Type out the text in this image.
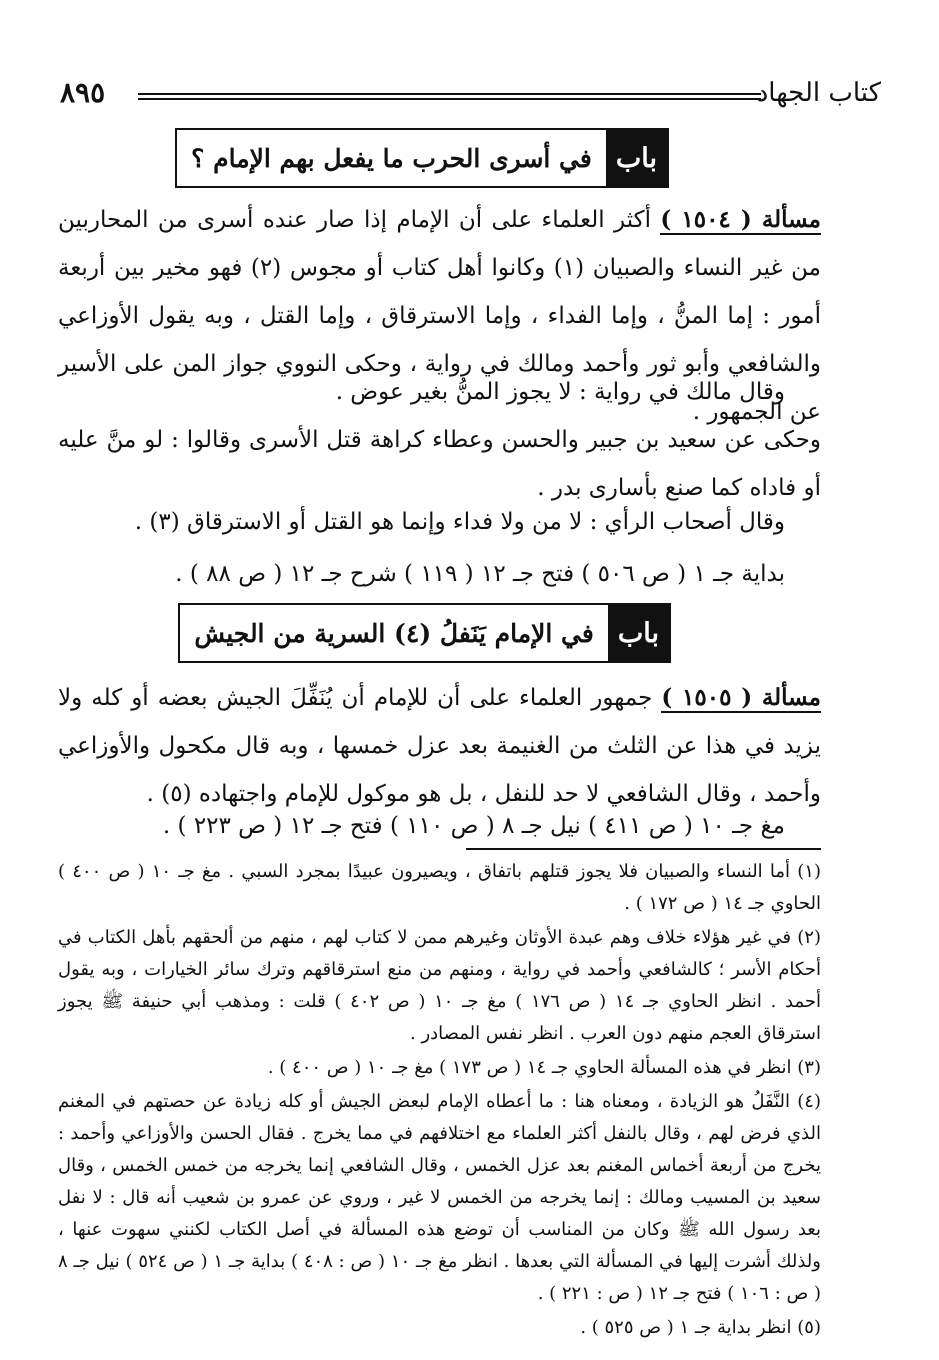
كتاب الجهاد
٨٩٥
باب
في أسرى الحرب ما يفعل بهم الإمام ؟

مسألة ( ١٥٠٤ ) أكثر العلماء على أن الإمام إذا صار عنده أسرى من المحاربين من غير النساء والصبيان (١) وكانوا أهل كتاب أو مجوس (٢) فهو مخير بين أربعة أمور : إما المنُّ ، وإما الفداء ، وإما الاسترقاق ، وإما القتل ، وبه يقول الأوزاعي والشافعي وأبو ثور وأحمد ومالك في رواية ، وحكى النووي جواز المن على الأسير عن الجمهور .

وقال مالك في رواية : لا يجوز المنُّ بغير عوض .

وحكى عن سعيد بن جبير والحسن وعطاء كراهة قتل الأسرى وقالوا : لو منَّ عليه أو فاداه كما صنع بأسارى بدر .

وقال أصحاب الرأي : لا من ولا فداء وإنما هو القتل أو الاسترقاق (٣) .

بداية جـ ١ ( ص ٥٠٦ ) فتح جـ ١٢ ( ١١٩ ) شرح جـ ١٢ ( ص ٨٨ ) .

باب
في الإمام يَنَفلُ (٤) السرية من الجيش

مسألة ( ١٥٠٥ ) جمهور العلماء على أن للإمام أن يُنَفِّلَ الجيش بعضه أو كله ولا يزيد في هذا عن الثلث من الغنيمة بعد عزل خمسها ، وبه قال مكحول والأوزاعي وأحمد ، وقال الشافعي لا حد للنفل ، بل هو موكول للإمام واجتهاده (٥) .

مغ جـ ١٠ ( ص ٤١١ ) نيل جـ ٨ ( ص ١١٠ ) فتح جـ ١٢ ( ص ٢٢٣ ) .

(١) أما النساء والصبيان فلا يجوز قتلهم باتفاق ، ويصيرون عبيدًا بمجرد السبي . مغ جـ ١٠ ( ص ٤٠٠ ) الحاوي جـ ١٤ ( ص ١٧٢ ) .

(٢) في غير هؤلاء خلاف وهم عبدة الأوثان وغيرهم ممن لا كتاب لهم ، منهم من ألحقهم بأهل الكتاب في أحكام الأسر ؛ كالشافعي وأحمد في رواية ، ومنهم من منع استرقاقهم وترك سائر الخيارات ، وبه يقول أحمد . انظر الحاوي جـ ١٤ ( ص ١٧٦ ) مغ جـ ١٠ ( ص ٤٠٢ ) قلت : ومذهب أبي حنيفة ﷺ يجوز استرقاق العجم منهم دون العرب . انظر نفس المصادر .

(٣) انظر في هذه المسألة الحاوي جـ ١٤ ( ص ١٧٣ ) مغ جـ ١٠ ( ص ٤٠٠ ) .

(٤) النَّفَلُ هو الزيادة ، ومعناه هنا : ما أعطاه الإمام لبعض الجيش أو كله زيادة عن حصتهم في المغنم الذي فرض لهم ، وقال بالنفل أكثر العلماء مع اختلافهم في مما يخرج . فقال الحسن والأوزاعي وأحمد : يخرج من أربعة أخماس المغنم بعد عزل الخمس ، وقال الشافعي إنما يخرجه من خمس الخمس ، وقال سعيد بن المسيب ومالك : إنما يخرجه من الخمس لا غير ، وروي عن عمرو بن شعيب أنه قال : لا نفل بعد رسول الله ﷺ وكان من المناسب أن توضع هذه المسألة في أصل الكتاب لكنني سهوت عنها ، ولذلك أشرت إليها في المسألة التي بعدها . انظر مغ جـ ١٠ ( ص : ٤٠٨ ) بداية جـ ١ ( ص ٥٢٤ ) نيل جـ ٨ ( ص : ١٠٦ ) فتح جـ ١٢ ( ص : ٢٢١ ) .

(٥) انظر بداية جـ ١ ( ص ٥٢٥ ) .
